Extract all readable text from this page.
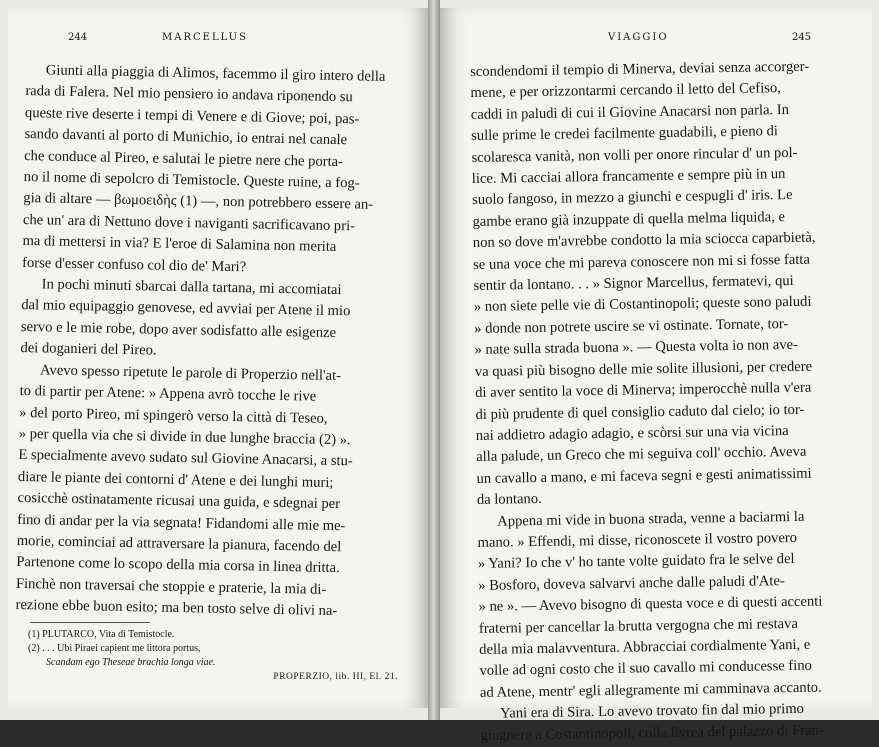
244	MARCELLUS
Giunti alla piaggia di Alimos, facemmo il giro intero della
rada di Falera. Nel mio pensiero io andava riponendo su
queste rive deserte i tempi di Venere e di Giove; poi, pas-
sando davanti al porto di Munichio, io entrai nel canale
che conduce al Pireo, e salutai le pietre nere che porta-
no il nome di sepolcro di Temistocle. Queste ruine, a fog-
gia di altare — βωμοειδὴς (1) —, non potrebbero essere an-
che un' ara di Nettuno dove i naviganti sacrificavano pri-
ma di mettersi in via? E l'eroe di Salamina non merita
forse d'esser confuso col dio de' Mari?
In pochi minuti sbarcai dalla tartana, mi accomiatai
dal mio equipaggio genovese, ed avviai per Atene il mio
servo e le mie robe, dopo aver sodisfatto alle esigenze
dei doganieri del Pireo.
Avevo spesso ripetute le parole di Properzio nell'at-
to di partir per Atene: » Appena avrò tocche le rive
» del porto Pireo, mi spingerò verso la città di Teseo,
» per quella via che si divide in due lunghe braccia (2) ».
E specialmente avevo sudato sul Giovine Anacarsi, a stu-
diare le piante dei contorni d' Atene e dei lunghi muri;
cosicchè ostinatamente ricusai una guida, e sdegnai per
fino di andar per la via segnata! Fidandomi alle mie me-
morie, cominciai ad attraversare la pianura, facendo del
Partenone come lo scopo della mia corsa in linea dritta.
Finchè non traversai che stoppie e praterie, la mia di-
rezione ebbe buon esito; ma ben tosto selve di olivi na-
(1) PLUTARCO, Vita di Temistocle.
(2) . . . Ubi Piraei capient me littora portus,
Scandam ego Theseae brachia longa viae.
PROPERZIO, lib. III, El. 21.
VIAGGIO	245
scondendomi il tempio di Minerva, deviai senza accorger-
mene, e per orizzontarmi cercando il letto del Cefiso,
caddi in paludi di cui il Giovine Anacarsi non parla. In
sulle prime le credei facilmente guadabili, e pieno di
scolaresca vanità, non volli per onore rincular d' un pol-
lice. Mi cacciai allora francamente e sempre più in un
suolo fangoso, in mezzo a giunchi e cespugli d' iris. Le
gambe erano già inzuppate di quella melma liquida, e
non so dove m'avrebbe condotto la mia sciocca caparbietà,
se una voce che mi pareva conoscere non mi si fosse fatta
sentir da lontano. . . » Signor Marcellus, fermatevi, qui
» non siete pelle vie di Costantinopoli; queste sono paludi
» donde non potrete uscire se vi ostinate. Tornate, tor-
» nate sulla strada buona ». — Questa volta io non ave-
va quasi più bisogno delle mie solite illusioni, per credere
di aver sentito la voce di Minerva; imperocchè nulla v'era
di più prudente di quel consiglio caduto dal cielo; io tor-
nai addietro adagio adagio, e scòrsi sur una via vicina
alla palude, un Greco che mi seguiva coll' occhio. Aveva
un cavallo a mano, e mi faceva segni e gesti animatissimi
da lontano.
Appena mi vide in buona strada, venne a baciarmi la
mano. » Effendi, mi disse, riconoscete il vostro povero
» Yani? Io che v' ho tante volte guidato fra le selve del
» Bosforo, doveva salvarvi anche dalle paludi d'Ate-
» ne ». — Avevo bisogno di questa voce e di questi accenti
fraterni per cancellar la brutta vergogna che mi restava
della mia malavventura. Abbracciai cordialmente Yani, e
volle ad ogni costo che il suo cavallo mi conducesse fino
ad Atene, mentr' egli allegramente mi camminava accanto.
Yani era di Sira. Lo avevo trovato fin dal mio primo
giugnere a Costantinopoli, colla livrea del palazzo di Fran-
